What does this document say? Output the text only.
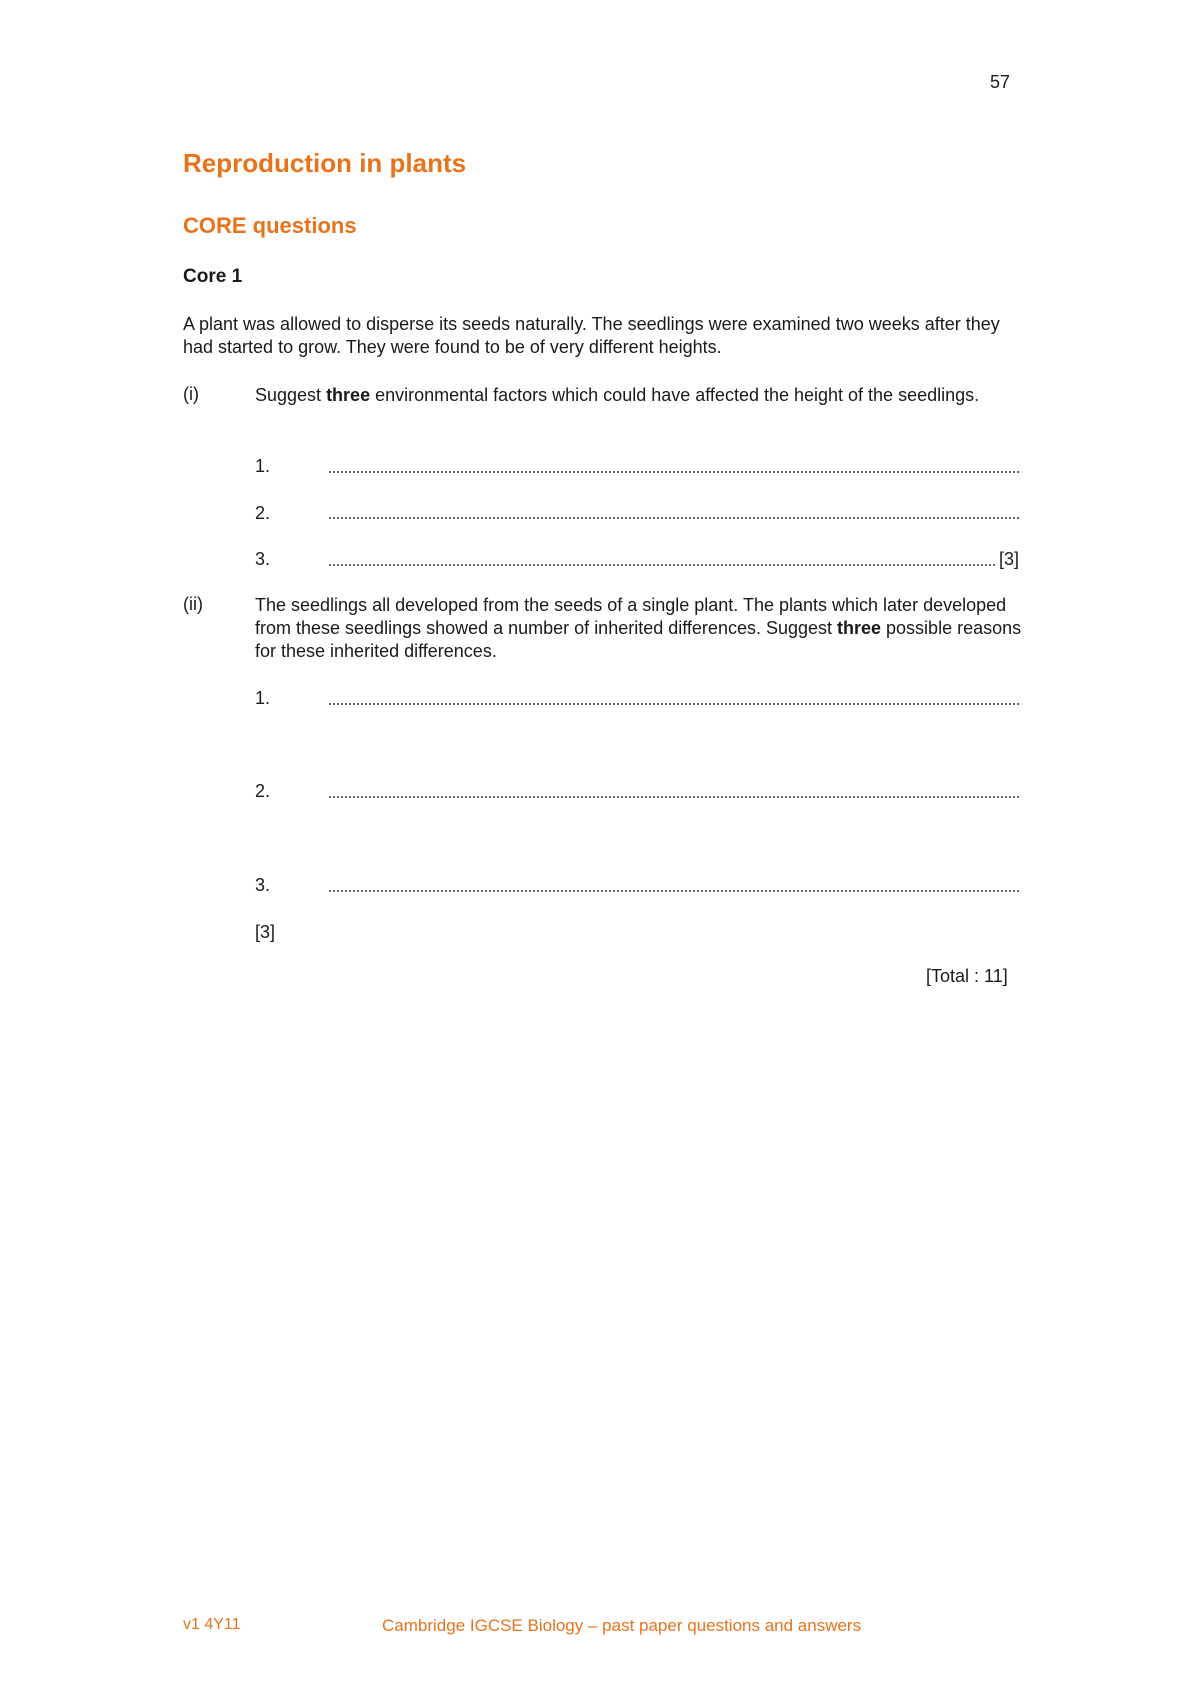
57
Reproduction in plants
CORE questions
Core 1
A plant was allowed to disperse its seeds naturally. The seedlings were examined two weeks after they had started to grow. They were found to be of very different heights.
(i)	Suggest three environmental factors which could have affected the height of the seedlings.
1.
2.
3.	[3]
(ii)	The seedlings all developed from the seeds of a single plant. The plants which later developed from these seedlings showed a number of inherited differences. Suggest three possible reasons for these inherited differences.
1.
2.
3.
[3]
[Total : 11]
v1 4Y11	Cambridge IGCSE Biology – past paper questions and answers
